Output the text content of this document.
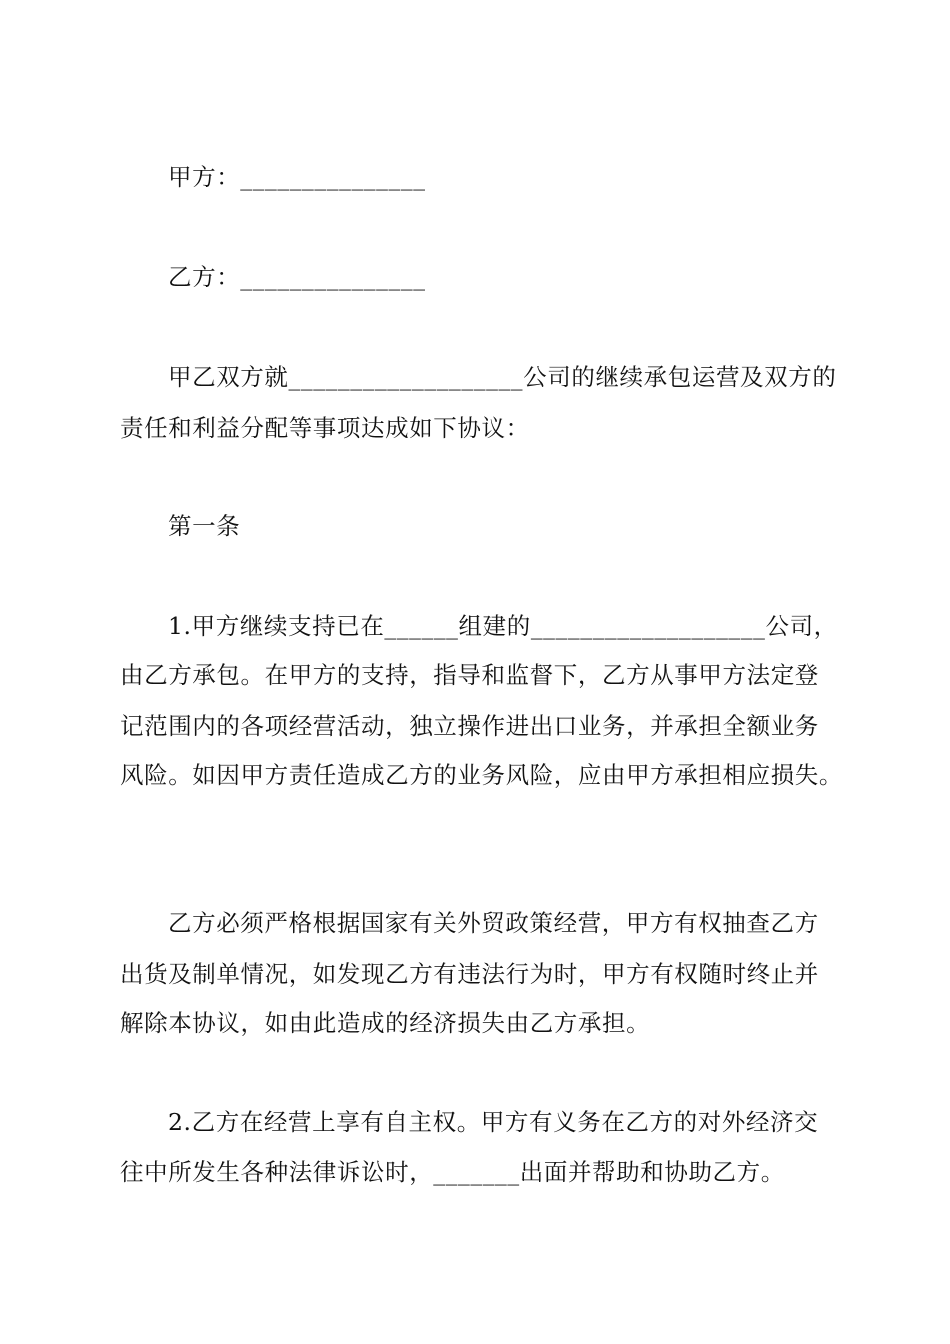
甲方：_______________
乙方：_______________
甲乙双方就___________________公司的继续承包运营及双方的
责任和利益分配等事项达成如下协议：
第一条
1.甲方继续支持已在______组建的___________________公司，
由乙方承包。在甲方的支持，指导和监督下，乙方从事甲方法定登
记范围内的各项经营活动，独立操作进出口业务，并承担全额业务
风险。如因甲方责任造成乙方的业务风险，应由甲方承担相应损失。
乙方必须严格根据国家有关外贸政策经营，甲方有权抽查乙方
出货及制单情况，如发现乙方有违法行为时，甲方有权随时终止并
解除本协议，如由此造成的经济损失由乙方承担。
2.乙方在经营上享有自主权。甲方有义务在乙方的对外经济交
往中所发生各种法律诉讼时，_______出面并帮助和协助乙方。
